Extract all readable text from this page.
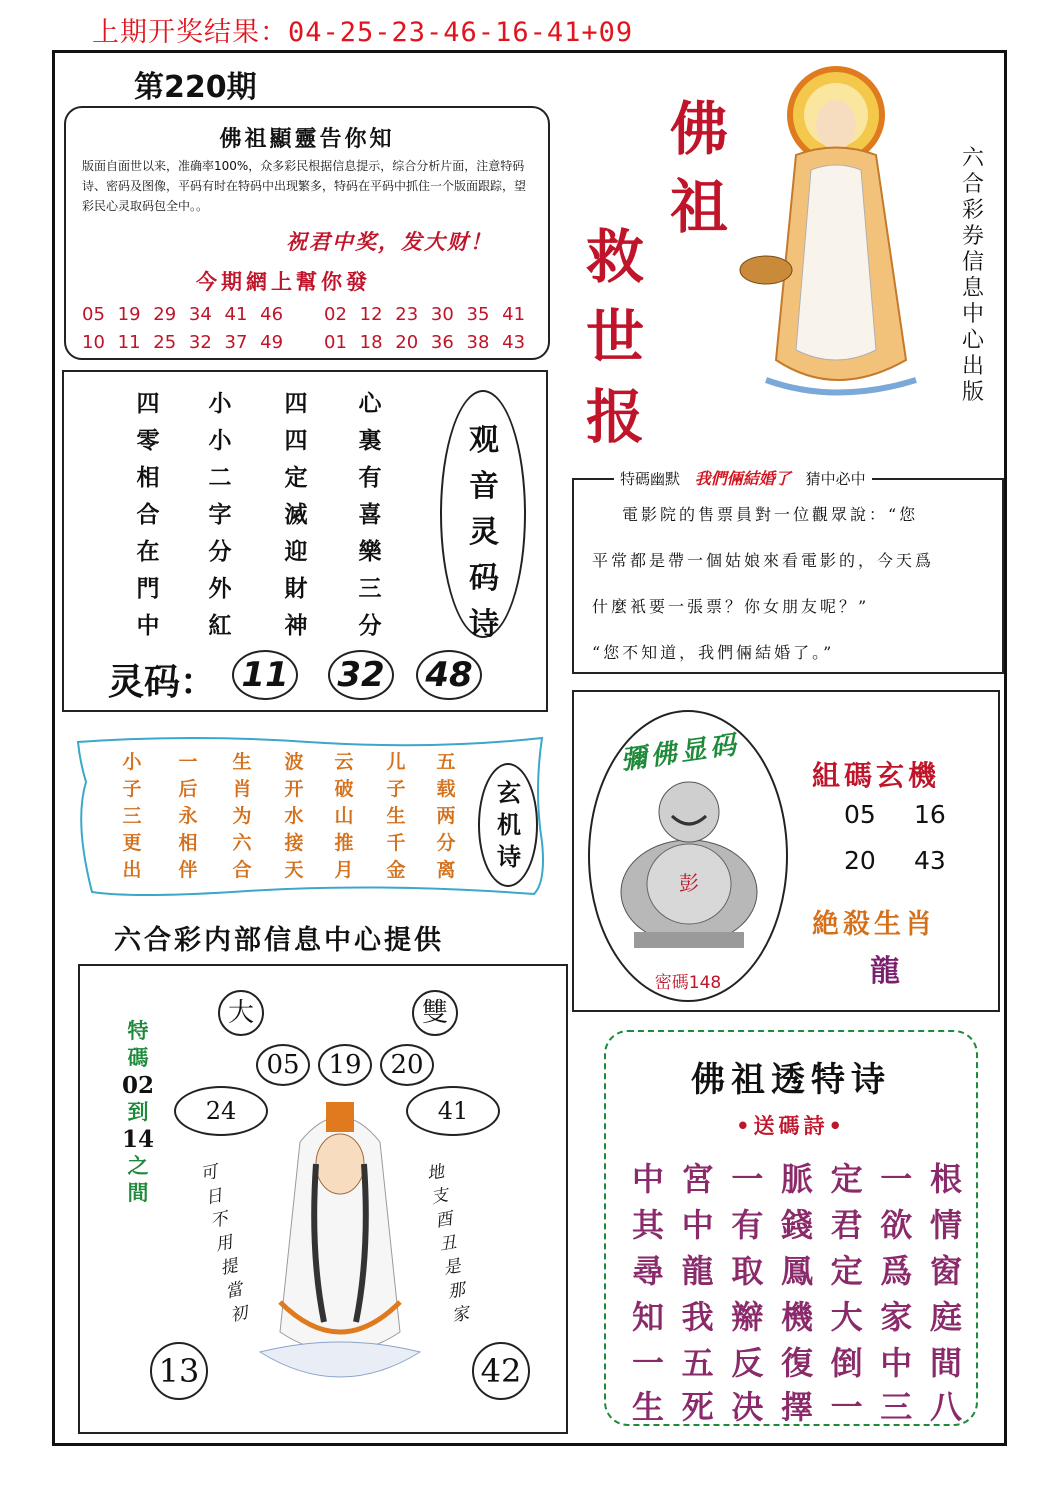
上期开奖结果：04-25-23-46-16-41+09
第220期
佛祖顯靈告你知
版面自面世以来，准确率100%，众多彩民根据信息提示，综合分析片面，注意特码诗、密码及图像，平码有时在特码中出现繁多，特码在平码中抓住一个版面跟踪，望彩民心灵取码包全中。。
祝君中奖，发大财！
今期網上幫你發
05 19 29 34 41 46 02 12 23 30 35 41
10 11 25 32 37 49 01 18 20 36 38 43
佛
祖
救
世
报
六合彩券信息中心出版
四
零
相
合
在
門
中
小
小
二
字
分
外
紅
四
四
定
滅
迎
財
神
心
裏
有
喜
樂
三
分
观音灵码诗
灵码： 11 32 48
小
子
三
更
出
一
后
永
相
伴
生
肖
为
六
合
波
开
水
接
天
云
破
山
推
月
儿
子
生
千
金
五
载
两
分
离
玄机诗
六合彩内部信息中心提供
特碼幽默 我們倆結婚了 猜中必中
電影院的售票員對一位觀眾說：“您
平常都是帶一個姑娘來看電影的，今天爲
什麼衹要一張票？你女朋友呢？”
“您不知道，我們倆結婚了。”
彌佛显码
彭
密碼148
組碼玄機
05 16
20 43
絶殺生肖
龍
大	雙
05	19	20
24	41
特
碼
02
到
14
之
間
可
日
不
用
提
當
初
地
支
酉
丑
是
那
家
13	42
佛祖透特诗
•送碼詩•
中 宮 一 脈 定 一 根
其 中 有 錢 君 欲 情
尋 龍 取 鳳 定 爲 窗
知 我 辮 機 大 家 庭
一 五 反 復 倒 中 間
生 死 决 擇 一 三 八
